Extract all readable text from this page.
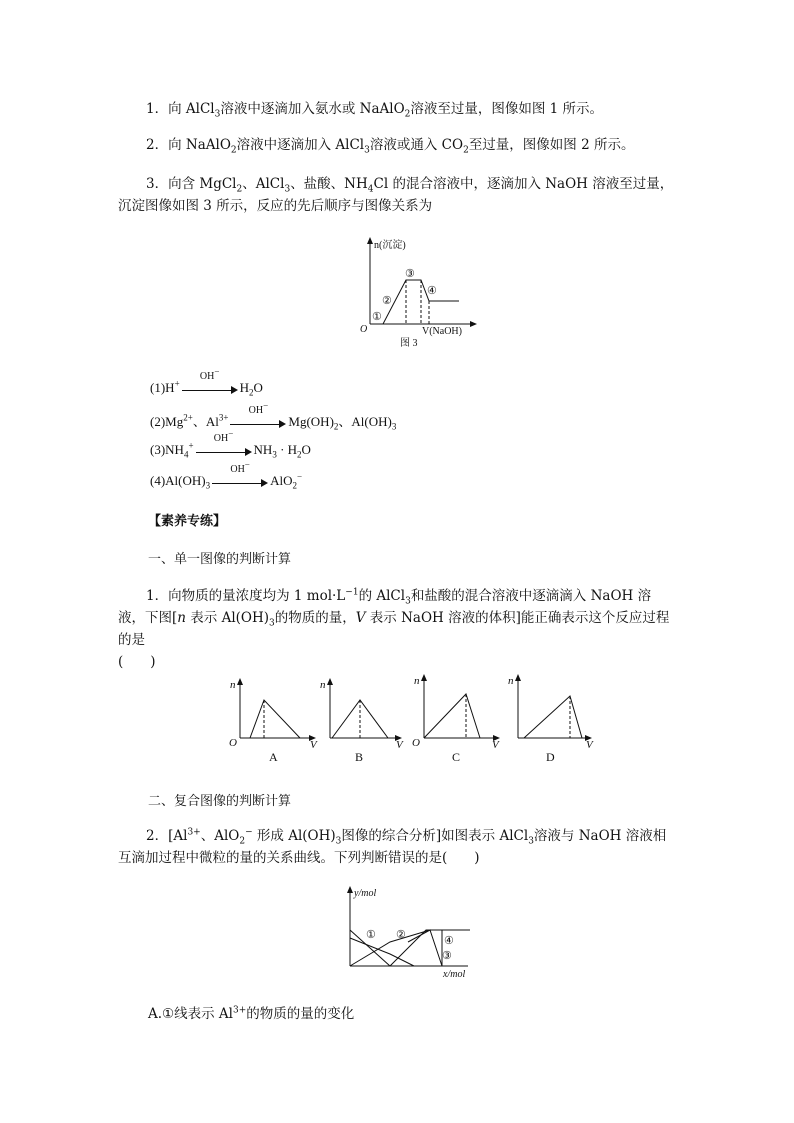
1．向 AlCl$_3$溶液中逐滴加入氨水或 NaAlO$_2$溶液至过量，图像如图 1 所示。
2．向 NaAlO$_2$溶液中逐滴加入 AlCl$_3$溶液或通入 $CO_2$至过量，图像如图 2 所示。
3．向含 MgCl$_2$、AlCl$_3$、盐酸、$NH_4Cl$ 的混合溶液中，逐滴加入 NaOH 溶液至过量，沉淀图像如图 3 所示，反应的先后顺序与图像关系为
n(沉淀)
O	V(NaOH)
①
②
③
④
图 3
(1)H+
OH−
$H_2O$
$(2)Mg^{2+}$、$Al^{3+}$
OH−
$Mg(OH)_2$、$Al(OH)_3$
$(3)NH_4^+$
OH−
$NH_3 \cdot H_2O$
$(4)Al(OH)_3$
OH−
AlO$_2$−
【素养专练】
一、单一图像的判断计算
1．向物质的量浓度均为 1 $mol\cdot L^{-1}$的 AlCl$_3$和盐酸的混合溶液中逐滴滴入 NaOH 溶液，下图[n 表示 $Al(OH)_3$的物质的量，V 表示 NaOH 溶液的体积]能正确表示这个反应过程的是
(　　)
n
O	V
A
n
V
B
n
O	V
C
n
V
D
二、复合图像的判断计算
2．[$Al^{3+}$、AlO$_2$− 形成 $Al(OH)_3$图像的综合分析]如图表示 AlCl$_3$溶液与 NaOH 溶液相互滴加过程中微粒的量的关系曲线。下列判断错误的是(　　)
y/mol
x/mol
① ②
③
④
A.①线表示 $Al^{3+}$的物质的量的变化
